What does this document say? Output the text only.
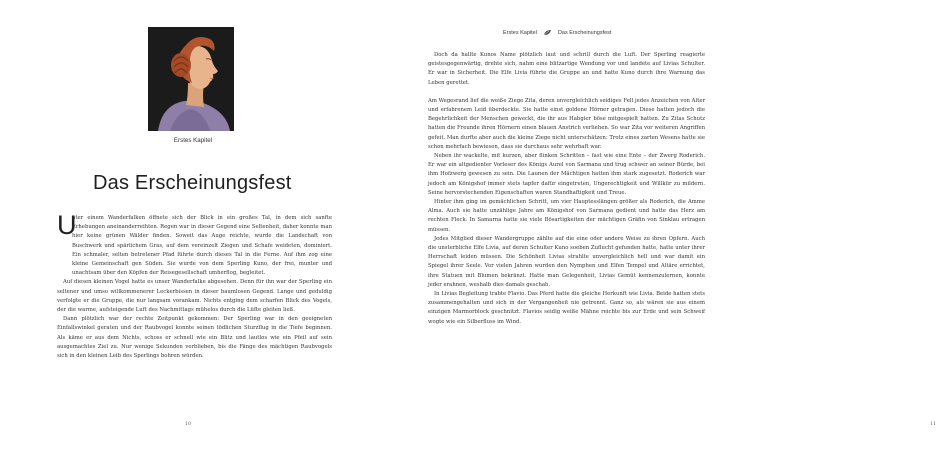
Erstes Kapitel
Das Erscheinungsfest
U

nter einem Wanderfalken öffnete sich der Blick in ein großes Tal, in dem sich sanfte Erhebungen aneinanderreihten. Regen war in dieser Gegend eine Seltenheit, daher konnte man hier keine grünen Wälder finden. Soweit das Auge reichte, wurde die Landschaft von Buschwerk und spärlichem Gras, auf dem vereinzelt Ziegen und Schafe weideten, dominiert. Ein schmaler, selten betretener Pfad führte durch dieses Tal in die Ferne. Auf ihm zog eine kleine Gemeinschaft gen Süden. Sie wurde von dem Sperling Kuno, der frei, munter und unachtsam über den Köpfen der Reisegesellschaft umherflog, begleitet.

Auf diesen kleinen Vogel hatte es unser Wanderfalke abgesehen. Denn für ihn war der Sperling ein seltener und umso willkommenerer Leckerbissen in dieser baumlosen Gegend. Lange und geduldig verfolgte er die Gruppe, die nur langsam vorankam. Nichts entging dem scharfen Blick des Vogels, der die warme, aufsteigende Luft des Nachmittags mühelos durch die Lüfte gleiten ließ.

Dann plötzlich war der rechte Zeitpunkt gekommen: Der Sperling war in den geeigneten Einfallswinkel geraten und der Raubvogel konnte seinen tödlichen Sturzflug in die Tiefe beginnen. Als käme er aus dem Nichts, schoss er schnell wie ein Blitz und lautlos wie ein Pfeil auf sein ausgemachtes Ziel zu. Nur wenige Sekunden verblieben, bis die Fänge des mächtigen Raubvogels sich in den kleinen Leib des Sperlings bohren würden.

10
Erstes Kapitel	Das Erscheinungsfest

Doch da hallte Kunos Name plötzlich laut und schrill durch die Luft. Der Sperling reagierte geistesgegenwärtig, drehte sich, nahm eine blitzartige Wendung vor und landete auf Livias Schulter. Er war in Sicherheit. Die Elfe Livia führte die Gruppe an und hatte Kuno durch ihre Warnung das Leben gerettet.

Am Wegesrand lief die weiße Ziege Zita, deren unvergleichlich seidiges Fell jedes Anzeichen von Alter und erfahrenem Leid überdeckte. Sie hatte einst goldene Hörner getragen. Diese hatten jedoch die Begehrlichkeit der Menschen geweckt, die ihr aus Habgier böse mitgespielt hatten. Zu Zitas Schutz hatten die Freunde ihren Hörnern einen blauen Anstrich verliehen. So war Zita vor weiteren Angriffen gefeit. Man durfte aber auch die kleine Ziege nicht unterschätzen: Trotz eines zarten Wesens hatte sie schon mehrfach bewiesen, dass sie durchaus sehr wehrhaft war.

Neben ihr wackelte, mit kurzen, aber flinken Schritten – fast wie eine Ente – der Zwerg Roderich. Er war ein altgedienter Vorleser des Königs Aurel von Sarmana und trug schwer an seiner Bürde, bei ihm Hofzwerg gewesen zu sein. Die Launen der Mächtigen hatten ihm stark zugesetzt. Roderich war jedoch am Königshof immer stets tapfer dafür eingetreten, Ungerechtigkeit und Willkür zu mildern. Seine hervorstechenden Eigenschaften waren Standhaftigkeit und Treue.

Hinter ihm ging im gemächlichen Schritt, um vier Hauptesslängen größer als Roderich, die Amme Alma. Auch sie hatte unzählige Jahre am Königshof von Sarmana gedient und hatte das Herz am rechten Fleck. In Samarna hatte sie viele Bösartigkeiten der mächtigen Gräfin von Sinklau ertragen müssen.

Jedes Mitglied dieser Wandergruppe zählte auf die eine oder andere Weise zu ihren Opfern. Auch die unsterbliche Elfe Livia, auf deren Schulter Kuno soeben Zuflucht gefunden hatte, hatte unter ihrer Herrschaft leiden müssen. Die Schönheit Livias strahlte unvergleichlich hell und war damit ein Spiegel ihrer Seele. Vor vielen Jahren wurden den Nymphen und Elfen Tempel und Altäre errichtet, ihre Statuen mit Blumen bekränzt. Hatte man Gelegenheit, Livias Gemüt kennenzulernen, konnte jeder erahnen, weshalb dies damals geschah.

In Livias Begleitung trabte Flavio. Das Pferd hatte die gleiche Herkunft wie Livia. Beide hatten stets zusammengehalten und sich in der Vergangenheit nie getrennt. Ganz so, als wären sie aus einem einzigen Marmorblock geschnitzt. Flavios seidig weiße Mähne reichte bis zur Erde und sein Schweif wogte wie ein Silberfluss im Wind.

11
